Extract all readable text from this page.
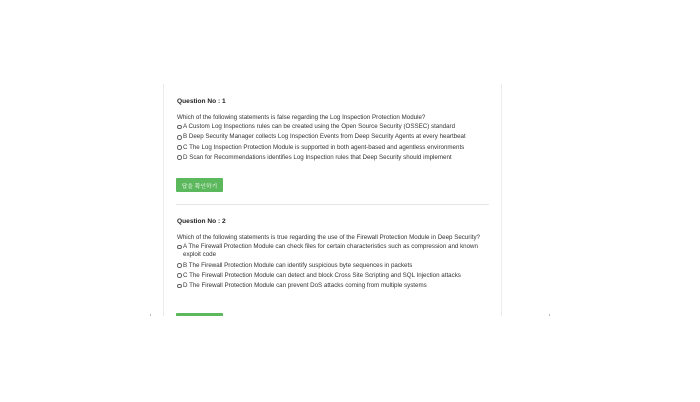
Question No : 1
Which of the following statements is false regarding the Log Inspection Protection Module?
A Custom Log Inspections rules can be created using the Open Source Security (OSSEC) standard
B Deep Security Manager collects Log Inspection Events from Deep Security Agents at every heartbeat
C The Log Inspection Protection Module is supported in both agent-based and agentless environments
D Scan for Recommendations identifies Log Inspection rules that Deep Security should implement
답을 확인하기
Question No : 2
Which of the following statements is true regarding the use of the Firewall Protection Module in Deep Security?
A The Firewall Protection Module can check files for certain characteristics such as compression and known exploit code
B The Firewall Protection Module can identify suspicious byte sequences in packets
C The Firewall Protection Module can detect and block Cross Site Scripting and SQL Injection attacks
D The Firewall Protection Module can prevent DoS attacks coming from multiple systems
